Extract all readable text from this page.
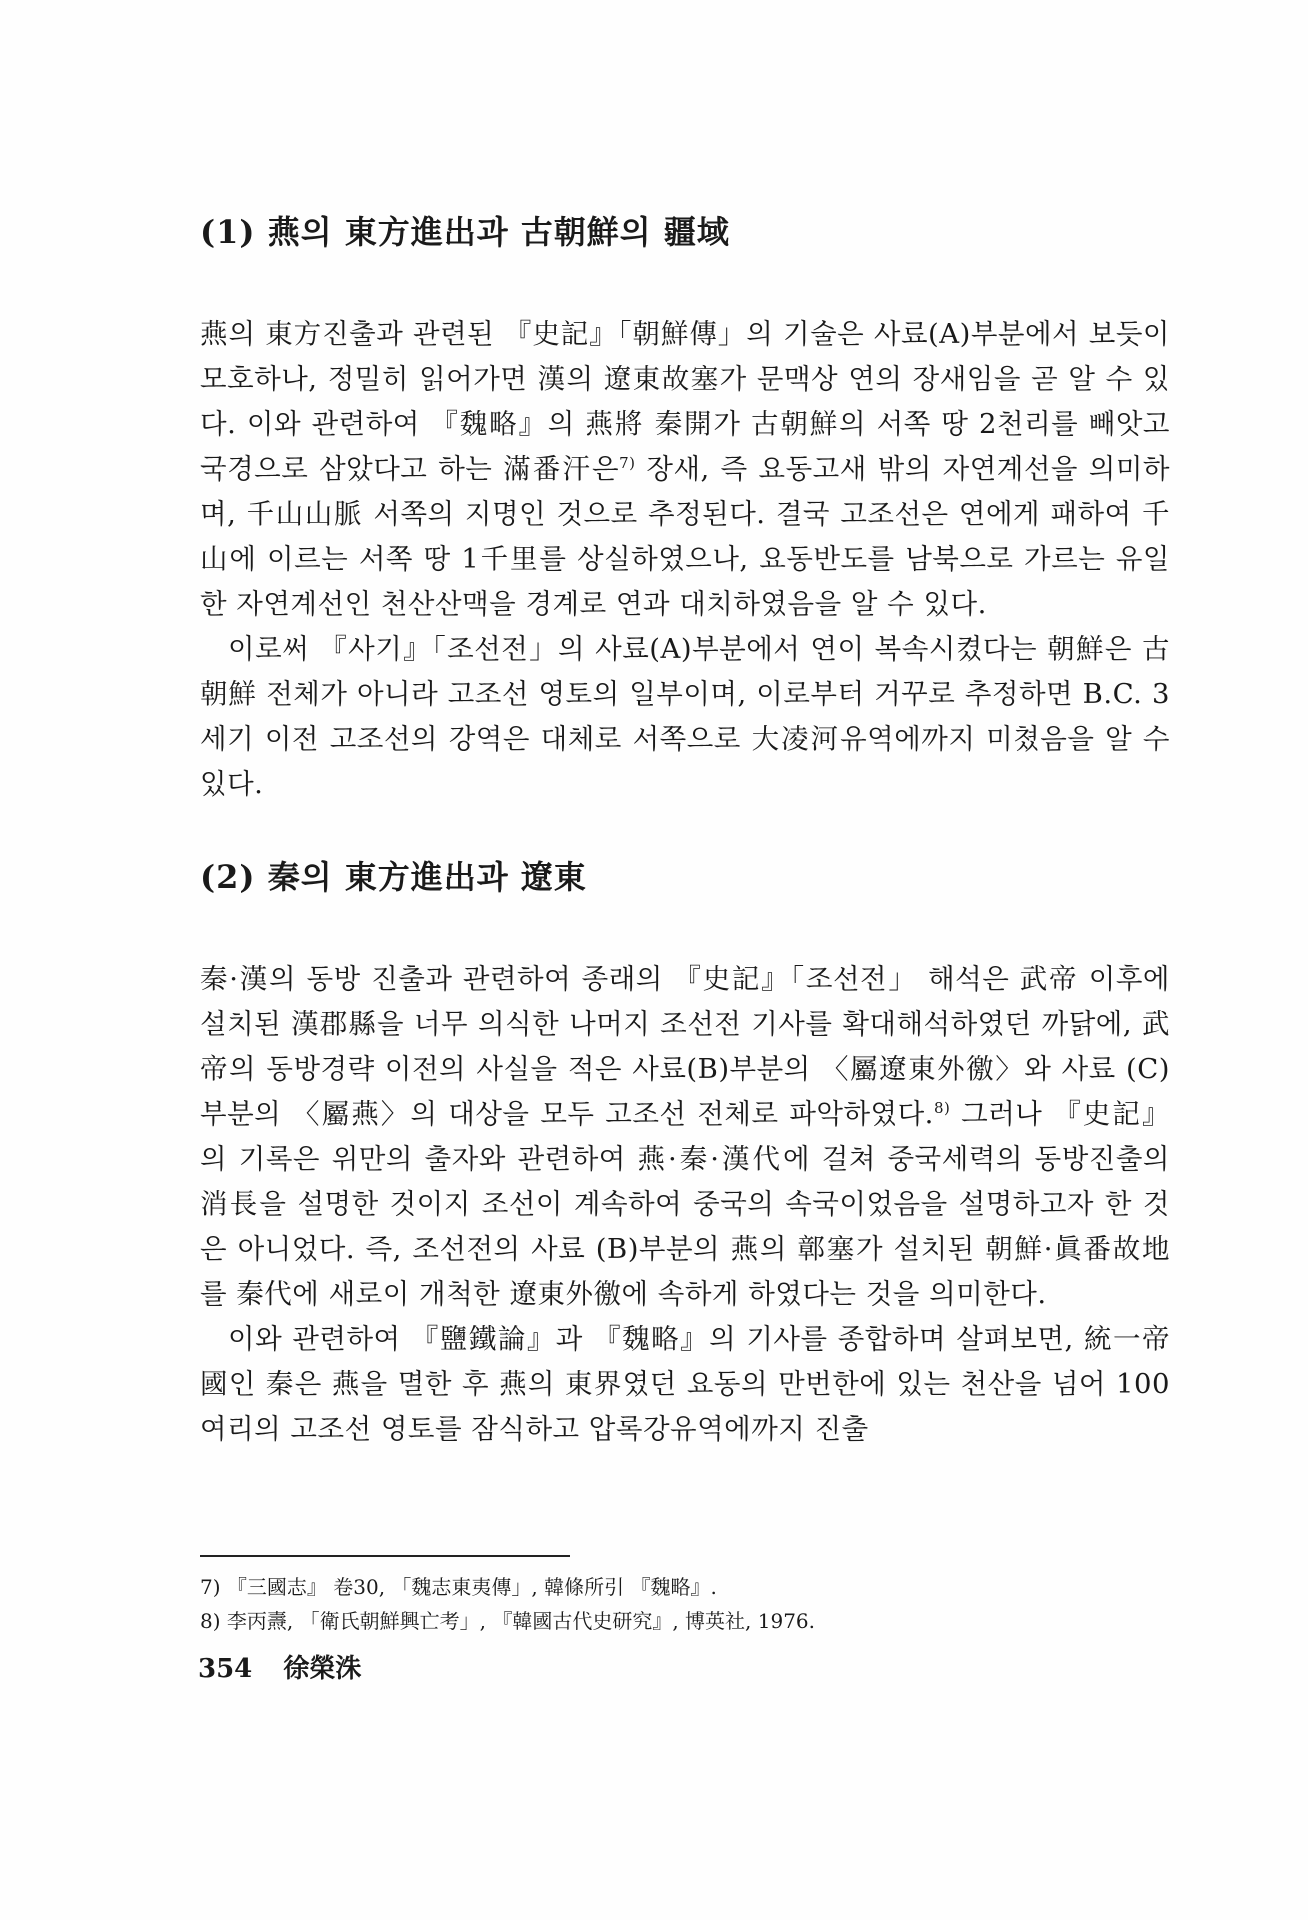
(1) 燕의 東方進出과 古朝鮮의 疆域

燕의 東方진출과 관련된 『史記』「朝鮮傳」의 기술은 사료(A)부분에서 보듯이 모호하나, 정밀히 읽어가면 漢의 遼東故塞가 문맥상 연의 장새임을 곧 알 수 있다. 이와 관련하여 『魏略』의 燕將 秦開가 古朝鮮의 서쪽 땅 2천리를 빼앗고 국경으로 삼았다고 하는 滿番汗은$^{7)}$ 장새, 즉 요동고새 밖의 자연계선을 의미하며, 千山山脈 서쪽의 지명인 것으로 추정된다. 결국 고조선은 연에게 패하여 千山에 이르는 서쪽 땅 1千里를 상실하였으나, 요동반도를 남북으로 가르는 유일한 자연계선인 천산산맥을 경계로 연과 대치하였음을 알 수 있다.

이로써 『사기』「조선전」의 사료(A)부분에서 연이 복속시켰다는 朝鮮은 古朝鮮 전체가 아니라 고조선 영토의 일부이며, 이로부터 거꾸로 추정하면 B.C. 3세기 이전 고조선의 강역은 대체로 서쪽으로 大凌河유역에까지 미쳤음을 알 수 있다.

(2) 秦의 東方進出과 遼東

秦·漢의 동방 진출과 관련하여 종래의 『史記』「조선전」 해석은 武帝 이후에 설치된 漢郡縣을 너무 의식한 나머지 조선전 기사를 확대해석하였던 까닭에, 武帝의 동방경략 이전의 사실을 적은 사료(B)부분의 〈屬遼東外徼〉와 사료 (C)부분의 〈屬燕〉의 대상을 모두 고조선 전체로 파악하였다.$^{8)}$ 그러나 『史記』의 기록은 위만의 출자와 관련하여 燕·秦·漢代에 걸쳐 중국세력의 동방진출의 消長을 설명한 것이지 조선이 계속하여 중국의 속국이었음을 설명하고자 한 것은 아니었다. 즉, 조선전의 사료 (B)부분의 燕의 鄣塞가 설치된 朝鮮·眞番故地를 秦代에 새로이 개척한 遼東外徼에 속하게 하였다는 것을 의미한다.

이와 관련하여 『鹽鐵論』과 『魏略』의 기사를 종합하며 살펴보면, 統一帝國인 秦은 燕을 멸한 후 燕의 東界였던 요동의 만번한에 있는 천산을 넘어 100여리의 고조선 영토를 잠식하고 압록강유역에까지 진출

7) 『三國志』 卷30, 「魏志東夷傳」, 韓條所引 『魏略』.

8) 李丙燾, 「衛氏朝鮮興亡考」, 『韓國古代史研究』, 博英社, 1976.

354 徐榮洙
